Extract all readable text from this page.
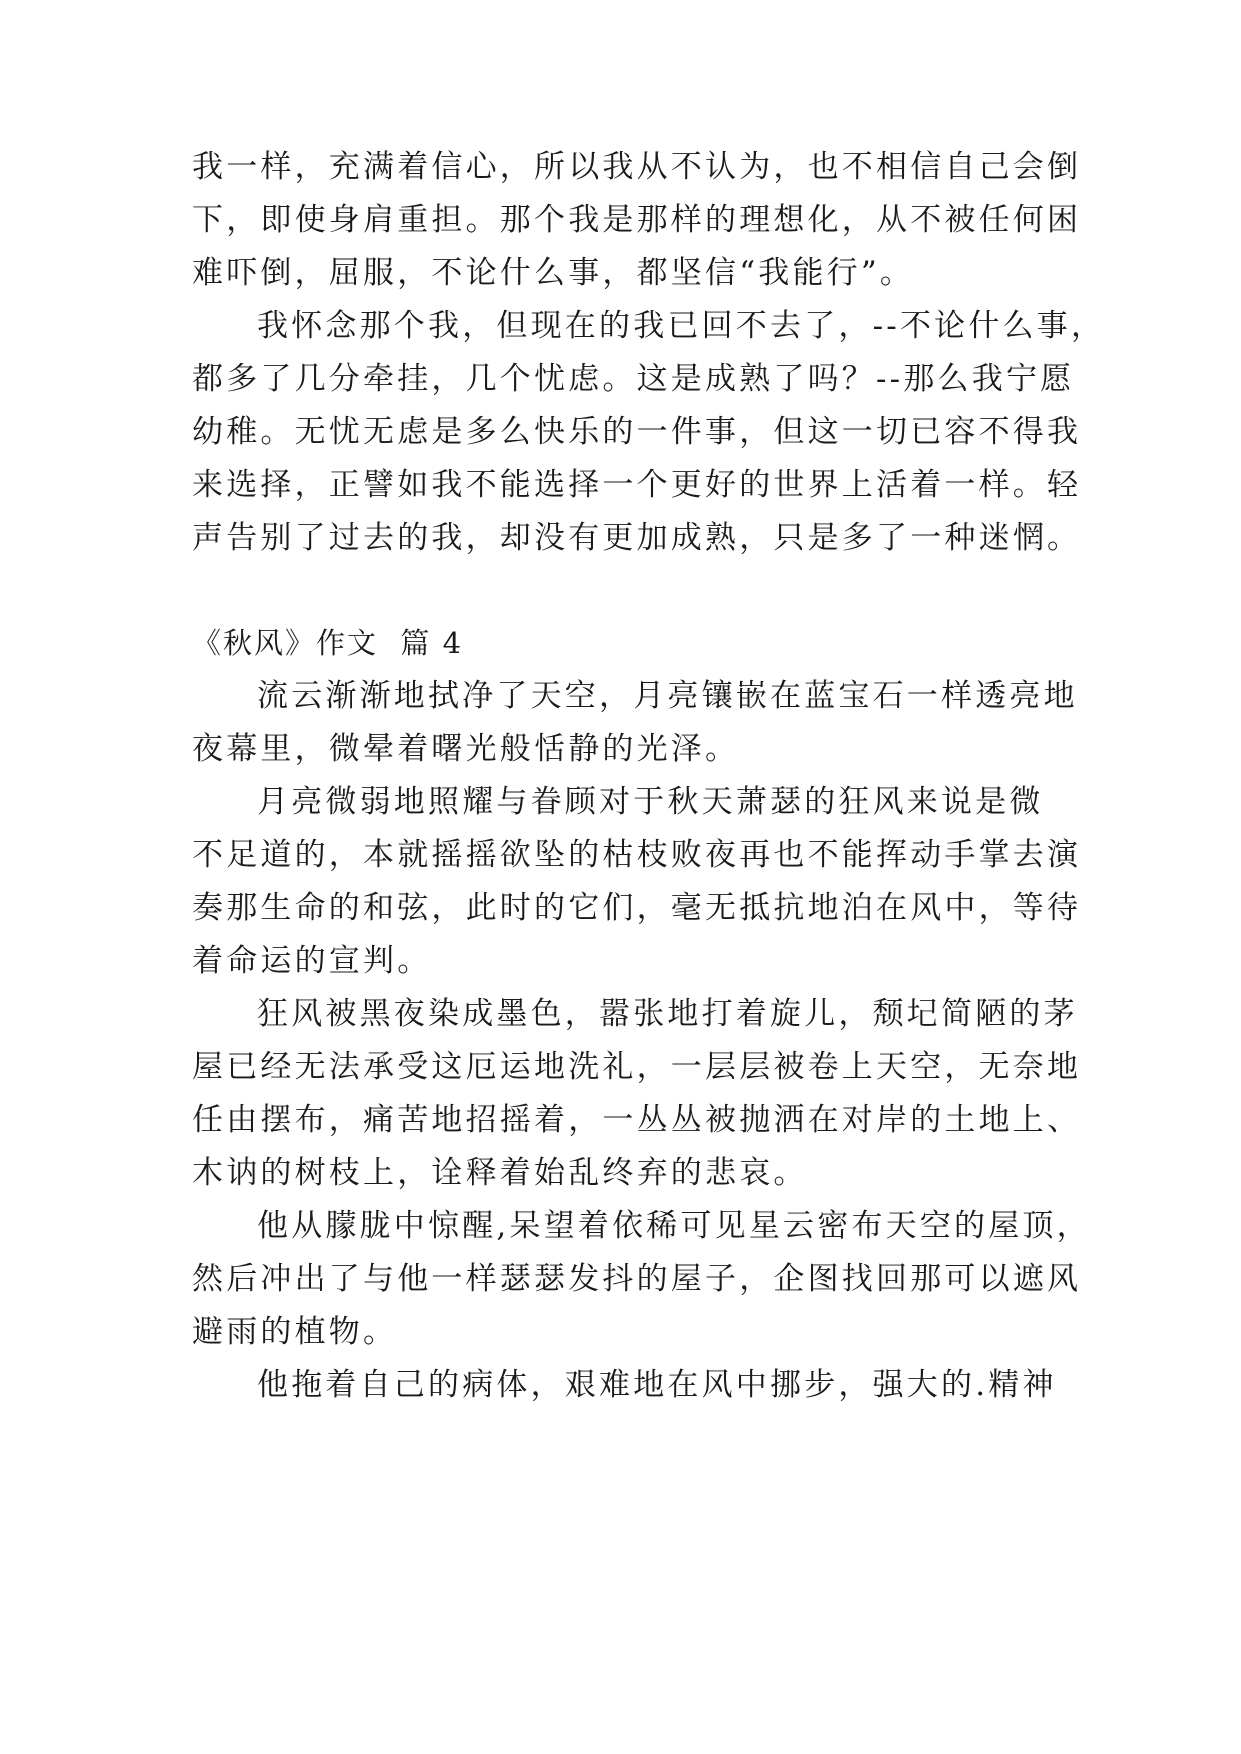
我一样，充满着信心，所以我从不认为，也不相信自己会倒
下，即使身肩重担。那个我是那样的理想化，从不被任何困
难吓倒，屈服，不论什么事，都坚信“我能行”。
我怀念那个我，但现在的我已回不去了，--不论什么事，
都多了几分牵挂，几个忧虑。这是成熟了吗？--那么我宁愿
幼稚。无忧无虑是多么快乐的一件事，但这一切已容不得我
来选择，正譬如我不能选择一个更好的世界上活着一样。轻
声告别了过去的我，却没有更加成熟，只是多了一种迷惘。
《秋风》作文  篇 4
流云渐渐地拭净了天空，月亮镶嵌在蓝宝石一样透亮地
夜幕里，微晕着曙光般恬静的光泽。
月亮微弱地照耀与眷顾对于秋天萧瑟的狂风来说是微
不足道的，本就摇摇欲坠的枯枝败夜再也不能挥动手掌去演
奏那生命的和弦，此时的它们，毫无抵抗地泊在风中，等待
着命运的宣判。
狂风被黑夜染成墨色，嚣张地打着旋儿，颓圮简陋的茅
屋已经无法承受这厄运地洗礼，一层层被卷上天空，无奈地
任由摆布，痛苦地招摇着，一丛丛被抛洒在对岸的土地上、
木讷的树枝上，诠释着始乱终弃的悲哀。
他从朦胧中惊醒,呆望着依稀可见星云密布天空的屋顶，
然后冲出了与他一样瑟瑟发抖的屋子，企图找回那可以遮风
避雨的植物。
他拖着自己的病体，艰难地在风中挪步，强大的.精神
